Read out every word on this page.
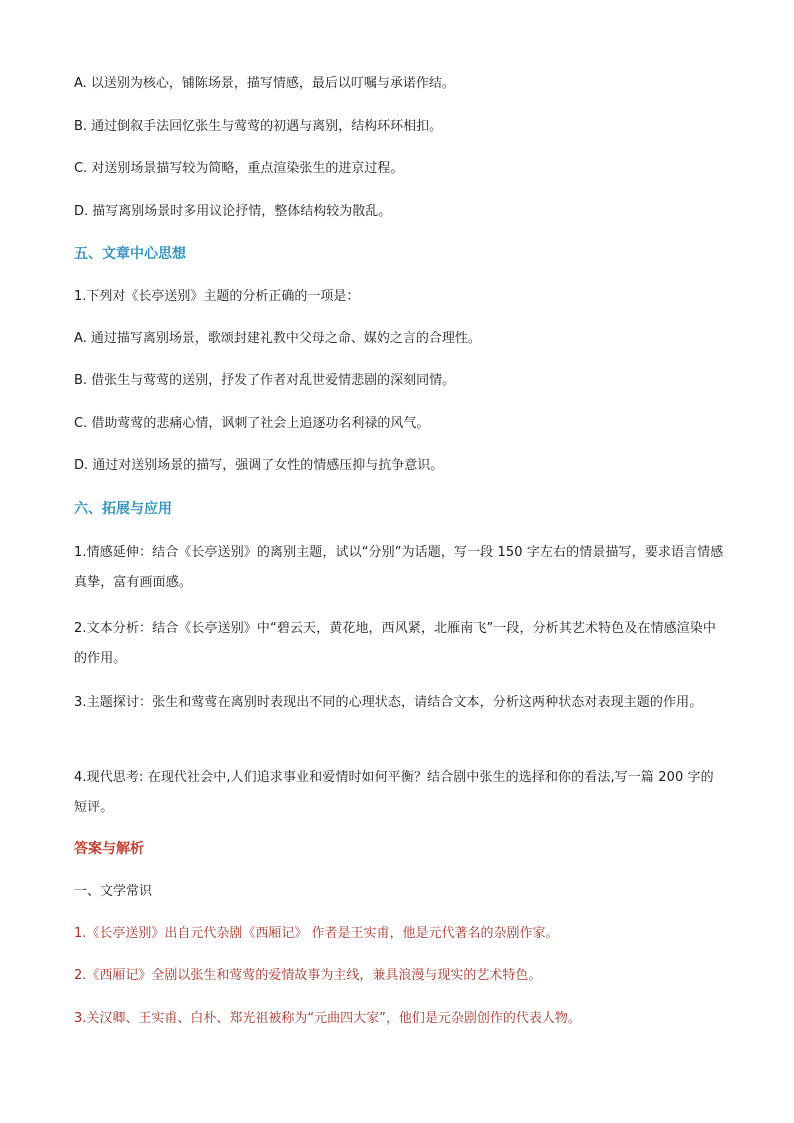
A. 以送别为核心，铺陈场景，描写情感，最后以叮嘱与承诺作结。
B. 通过倒叙手法回忆张生与莺莺的初遇与离别，结构环环相扣。
C. 对送别场景描写较为简略，重点渲染张生的进京过程。
D. 描写离别场景时多用议论抒情，整体结构较为散乱。
五、文章中心思想
1.下列对《长亭送别》主题的分析正确的一项是：
A. 通过描写离别场景，歌颂封建礼教中父母之命、媒妁之言的合理性。
B. 借张生与莺莺的送别，抒发了作者对乱世爱情悲剧的深刻同情。
C. 借助莺莺的悲痛心情，讽刺了社会上追逐功名利禄的风气。
D. 通过对送别场景的描写，强调了女性的情感压抑与抗争意识。
六、拓展与应用
1.情感延伸：结合《长亭送别》的离别主题，试以“分别”为话题，写一段 150 字左右的情景描写，要求语言情感真挚，富有画面感。
2.文本分析：结合《长亭送别》中“碧云天，黄花地，西风紧，北雁南飞”一段，分析其艺术特色及在情感渲染中的作用。
3.主题探讨：张生和莺莺在离别时表现出不同的心理状态，请结合文本，分析这两种状态对表现主题的作用。
4.现代思考: 在现代社会中,人们追求事业和爱情时如何平衡？结合剧中张生的选择和你的看法,写一篇 200 字的短评。
答案与解析
一、文学常识
1.《长亭送别》出自元代杂剧《西厢记》 作者是王实甫，他是元代著名的杂剧作家。
2.《西厢记》全剧以张生和莺莺的爱情故事为主线，兼具浪漫与现实的艺术特色。
3.关汉卿、王实甫、白朴、郑光祖被称为“元曲四大家”，他们是元杂剧创作的代表人物。
